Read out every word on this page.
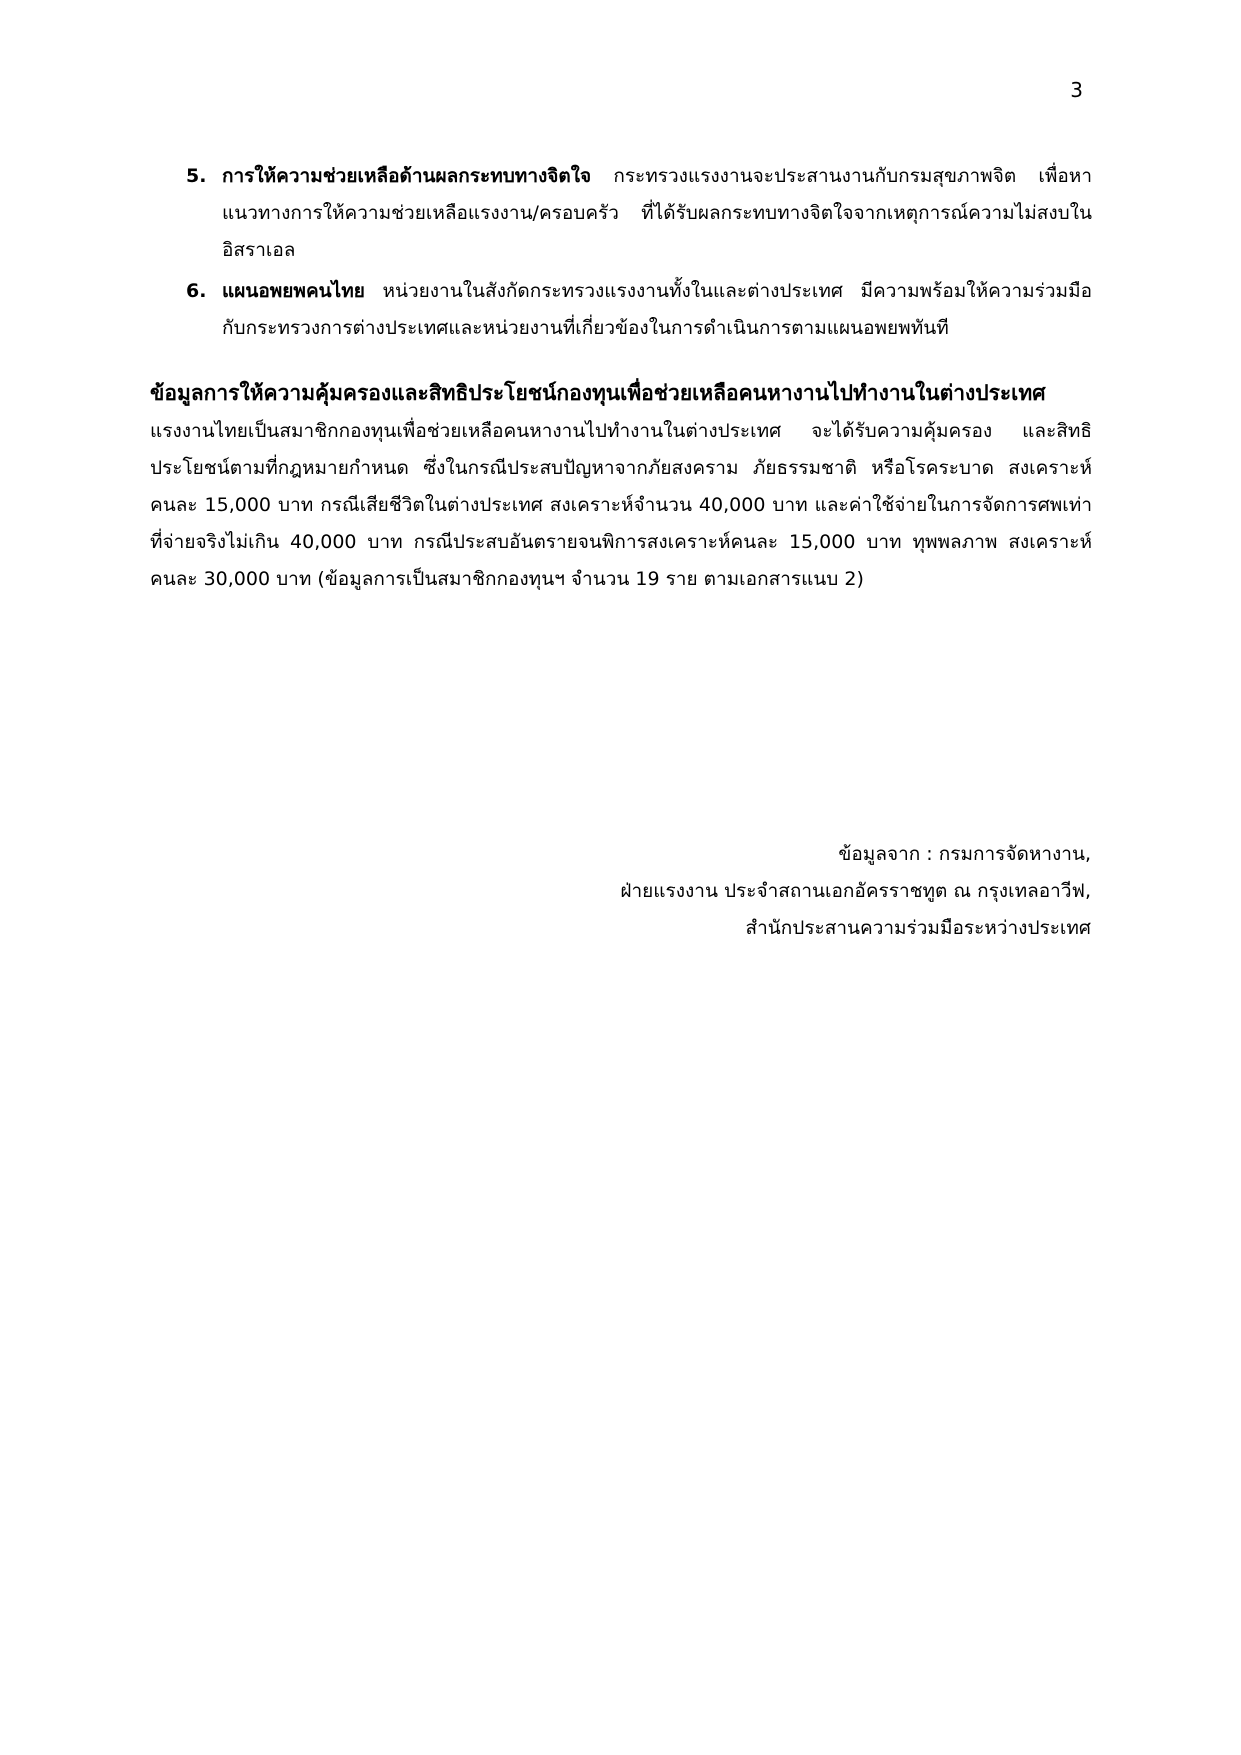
3
5. การให้ความช่วยเหลือด้านผลกระทบทางจิตใจ กระทรวงแรงงานจะประสานงานกับกรมสุขภาพจิต เพื่อหาแนวทางการให้ความช่วยเหลือแรงงาน/ครอบครัว ที่ได้รับผลกระทบทางจิตใจจากเหตุการณ์ความไม่สงบในอิสราเอล
6. แผนอพยพคนไทย หน่วยงานในสังกัดกระทรวงแรงงานทั้งในและต่างประเทศ มีความพร้อมให้ความร่วมมือกับกระทรวงการต่างประเทศและหน่วยงานที่เกี่ยวข้องในการดำเนินการตามแผนอพยพทันที

ข้อมูลการให้ความคุ้มครองและสิทธิประโยชน์กองทุนเพื่อช่วยเหลือคนหางานไปทำงานในต่างประเทศ แรงงานไทยเป็นสมาชิกกองทุนเพื่อช่วยเหลือคนหางานไปทำงานในต่างประเทศ จะได้รับความคุ้มครอง และสิทธิประโยชน์ตามที่กฎหมายกำหนด ซึ่งในกรณีประสบปัญหาจากภัยสงคราม ภัยธรรมชาติ หรือโรคระบาด สงเคราะห์คนละ 15,000 บาท กรณีเสียชีวิตในต่างประเทศ สงเคราะห์จำนวน 40,000 บาท และค่าใช้จ่ายในการจัดการศพเท่าที่จ่ายจริงไม่เกิน 40,000 บาท กรณีประสบอันตรายจนพิการสงเคราะห์คนละ 15,000 บาท ทุพพลภาพ สงเคราะห์คนละ 30,000 บาท (ข้อมูลการเป็นสมาชิกกองทุนฯ จำนวน 19 ราย ตามเอกสารแนบ 2)

ข้อมูลจาก : กรมการจัดหางาน,
ฝ่ายแรงงาน ประจำสถานเอกอัครราชทูต ณ กรุงเทลอาวีฟ,
สำนักประสานความร่วมมือระหว่างประเทศ
